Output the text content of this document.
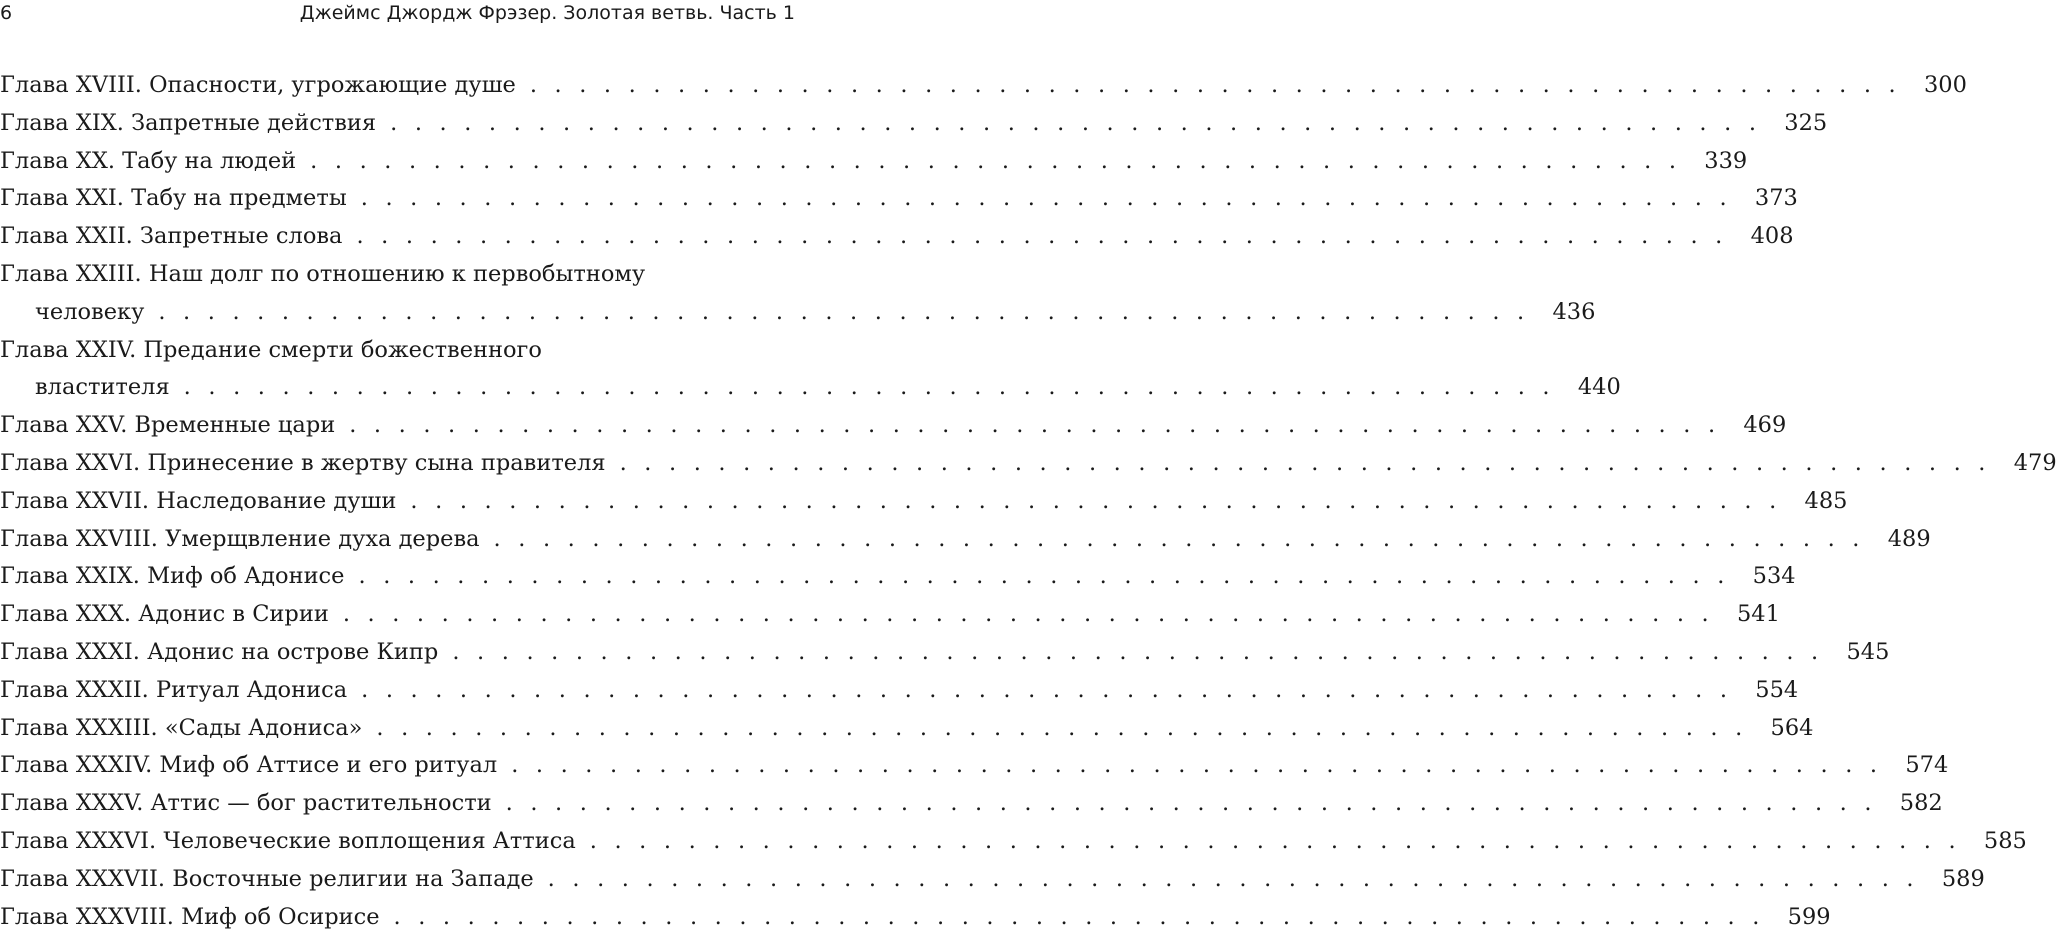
6	Джеймс Джордж Фрэзер. Золотая ветвь. Часть 1
Глава XVIII. Опасности, угрожающие душе . . . . . . . . . . . . . . . . . . . . . . . . . . . . . . . . . . . . . . . . . . . . . . . . . . . . . . . .	300
Глава XIX. Запретные действия . . . . . . . . . . . . . . . . . . . . . . . . . . . . . . . . . . . . . . . . . . . . . . . . . . . . . . . .	325
Глава XX. Табу на людей . . . . . . . . . . . . . . . . . . . . . . . . . . . . . . . . . . . . . . . . . . . . . . . . . . . . . . . .	339
Глава XXI. Табу на предметы . . . . . . . . . . . . . . . . . . . . . . . . . . . . . . . . . . . . . . . . . . . . . . . . . . . . . . . .	373
Глава XXII. Запретные слова . . . . . . . . . . . . . . . . . . . . . . . . . . . . . . . . . . . . . . . . . . . . . . . . . . . . . . . .	408
Глава XXIII. Наш долг по отношению к первобытному
человеку . . . . . . . . . . . . . . . . . . . . . . . . . . . . . . . . . . . . . . . . . . . . . . . . . . . . . . . .	436
Глава XXIV. Предание смерти божественного
властителя . . . . . . . . . . . . . . . . . . . . . . . . . . . . . . . . . . . . . . . . . . . . . . . . . . . . . . . .	440
Глава XXV. Временные цари . . . . . . . . . . . . . . . . . . . . . . . . . . . . . . . . . . . . . . . . . . . . . . . . . . . . . . . .	469
Глава XXVI. Принесение в жертву сына правителя . . . . . . . . . . . . . . . . . . . . . . . . . . . . . . . . . . . . . . . . . . . . . . . . . . . . . . . .	479
Глава XXVII. Наследование души . . . . . . . . . . . . . . . . . . . . . . . . . . . . . . . . . . . . . . . . . . . . . . . . . . . . . . . .	485
Глава XXVIII. Умерщвление духа дерева . . . . . . . . . . . . . . . . . . . . . . . . . . . . . . . . . . . . . . . . . . . . . . . . . . . . . . . .	489
Глава XXIX. Миф об Адонисе . . . . . . . . . . . . . . . . . . . . . . . . . . . . . . . . . . . . . . . . . . . . . . . . . . . . . . . .	534
Глава XXX. Адонис в Сирии . . . . . . . . . . . . . . . . . . . . . . . . . . . . . . . . . . . . . . . . . . . . . . . . . . . . . . . .	541
Глава XXXI. Адонис на острове Кипр . . . . . . . . . . . . . . . . . . . . . . . . . . . . . . . . . . . . . . . . . . . . . . . . . . . . . . . .	545
Глава XXXII. Ритуал Адониса . . . . . . . . . . . . . . . . . . . . . . . . . . . . . . . . . . . . . . . . . . . . . . . . . . . . . . . .	554
Глава XXXIII. «Сады Адониса» . . . . . . . . . . . . . . . . . . . . . . . . . . . . . . . . . . . . . . . . . . . . . . . . . . . . . . . .	564
Глава XXXIV. Миф об Аттисе и его ритуал . . . . . . . . . . . . . . . . . . . . . . . . . . . . . . . . . . . . . . . . . . . . . . . . . . . . . . . .	574
Глава XXXV. Аттис — бог растительности . . . . . . . . . . . . . . . . . . . . . . . . . . . . . . . . . . . . . . . . . . . . . . . . . . . . . . . .	582
Глава XXXVI. Человеческие воплощения Аттиса . . . . . . . . . . . . . . . . . . . . . . . . . . . . . . . . . . . . . . . . . . . . . . . . . . . . . . . .	585
Глава XXXVII. Восточные религии на Западе . . . . . . . . . . . . . . . . . . . . . . . . . . . . . . . . . . . . . . . . . . . . . . . . . . . . . . . .	589
Глава XXXVIII. Миф об Осирисе . . . . . . . . . . . . . . . . . . . . . . . . . . . . . . . . . . . . . . . . . . . . . . . . . . . . . . . .	599
